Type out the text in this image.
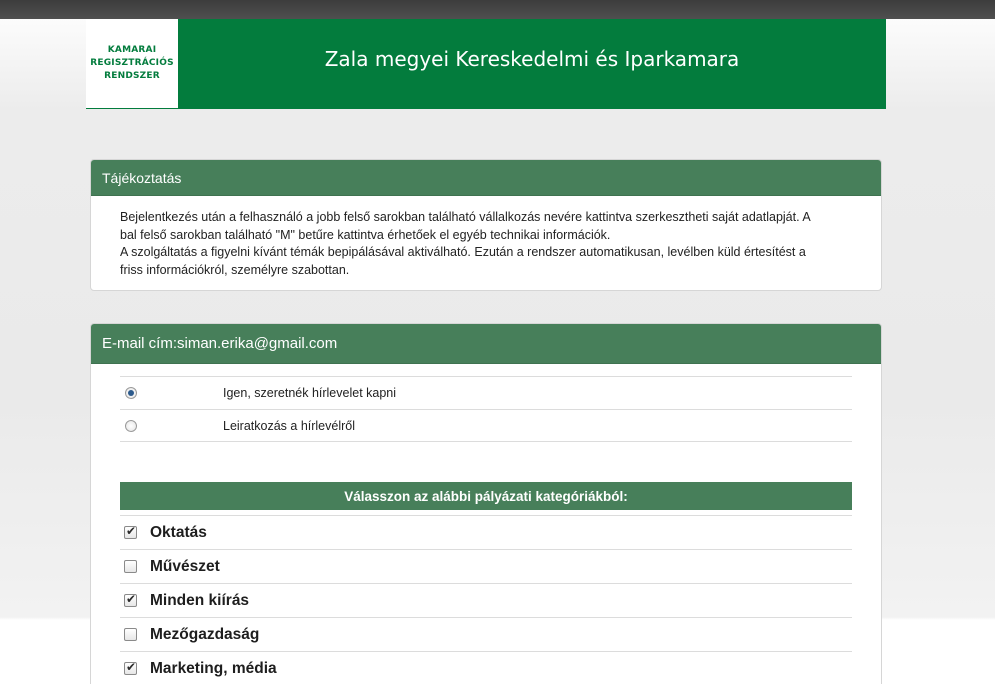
KAMARAI
REGISZTRÁCIÓS
RENDSZER
Zala megyei Kereskedelmi és Iparkamara
Tájékoztatás
Bejelentkezés után a felhasználó a jobb felső sarokban található vállalkozás nevére kattintva szerkesztheti saját adatlapját. A
bal felső sarokban található "M" betűre kattintva érhetőek el egyéb technikai információk.
A szolgáltatás a figyelni kívánt témák bepipálásával aktiválható. Ezután a rendszer automatikusan, levélben küld értesítést a
friss információkról, személyre szabottan.
E-mail cím:siman.erika@gmail.com
Igen, szeretnék hírlevelet kapni
Leiratkozás a hírlevélről
Válasszon az alábbi pályázati kategóriákból:
✔
Oktatás
Művészet
✔
Minden kiírás
Mezőgazdaság
✔
Marketing, média
